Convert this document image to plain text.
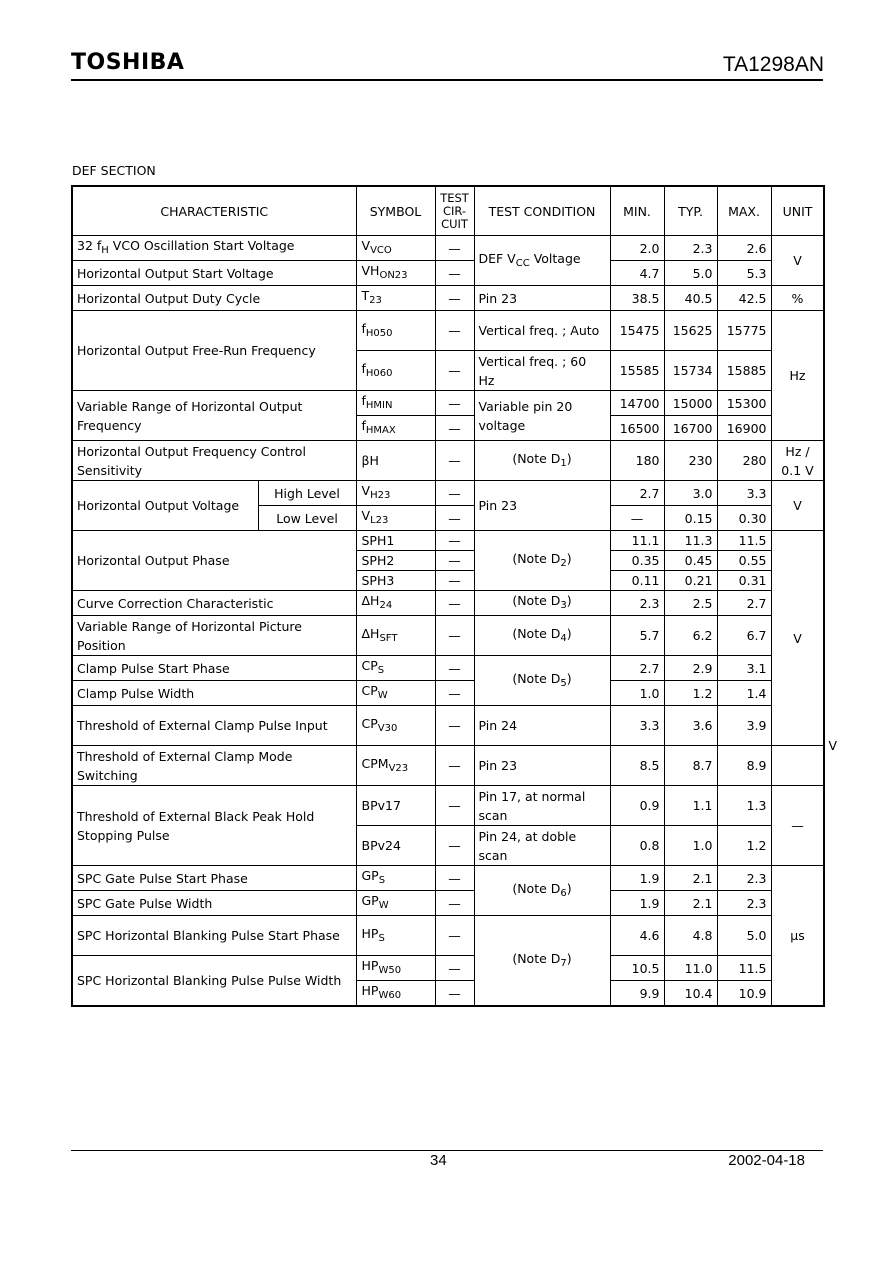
TOSHIBA	TA1298AN
DEF SECTION
CHARACTERISTIC		SYMBOL	TEST
CIR-
CUIT	TEST CONDITION	MIN.	TYP.	MAX.	UNIT	
32 $f_H$ VCO Oscillation Start Voltage		$V_{VCO}$	—	DEF $V_{CC}$ Voltage	2.0	2.3	2.6	V	
Horizontal Output Start Voltage		$VH_{ON23}$	—		4.7	5.0	5.3		
Horizontal Output Duty Cycle		$T_{23}$	—	Pin 23	38.5	40.5	42.5	%	
Horizontal Output Free-Run Frequency		$f_{H050}$	—	Vertical freq. ; Auto	15475	15625	15775	Hz	
		$f_{H060}$	—	Vertical freq. ; 60 Hz	15585	15734	15885		
Variable Range of Horizontal Output Frequency		$f_{HMIN}$	—	Variable pin 20 voltage	14700	15000	15300		
		$f_{HMAX}$	—		16500	16700	16900		
Horizontal Output Frequency Control Sensitivity		βH	—	(Note $D_1$)	180	230	280	Hz /
0.1 V	
Horizontal Output Voltage	High Level	$V_{H23}$	—	Pin 23	2.7	3.0	3.3	V	
	Low Level	$V_{L23}$	—		—	0.15	0.30		
Horizontal Output Phase		SPH1	—	(Note $D_2$)	11.1	11.3	11.5	V	
		SPH2	—		0.35	0.45	0.55		
		SPH3	—		0.11	0.21	0.31		
Curve Correction Characteristic		$\Delta H_{24}$	—	(Note $D_3$)	2.3	2.5	2.7		
Variable Range of Horizontal Picture Position		$\Delta H_{SFT}$	—	(Note $D_4$)	5.7	6.2	6.7		
Clamp Pulse Start Phase		$CP_S$	—	(Note $D_5$)	2.7	2.9	3.1		
Clamp Pulse Width		$CP_W$	—		1.0	1.2	1.4		
Threshold of External Clamp Pulse Input		$CP_{V30}$	—	Pin 24	3.3	3.6	3.9		V
Threshold of External Clamp Mode Switching		$CPM_{V23}$	—	Pin 23	8.5	8.7	8.9		
Threshold of External Black Peak Hold Stopping Pulse		BPv17	—	Pin 17, at normal scan	0.9	1.1	1.3	—	
		BPv24	—	Pin 24, at doble scan	0.8	1.0	1.2		
SPC Gate Pulse Start Phase		$GP_S$	—	(Note $D_6$)	1.9	2.1	2.3	μs	
SPC Gate Pulse Width		$GP_W$	—		1.9	2.1	2.3		
SPC Horizontal Blanking Pulse Start Phase		$HP_S$	—	(Note $D_7$)	4.6	4.8	5.0		
SPC Horizontal Blanking Pulse Pulse Width		$HP_{W50}$	—		10.5	11.0	11.5		
		$HP_{W60}$	—		9.9	10.4	10.9		
34	2002-04-18
